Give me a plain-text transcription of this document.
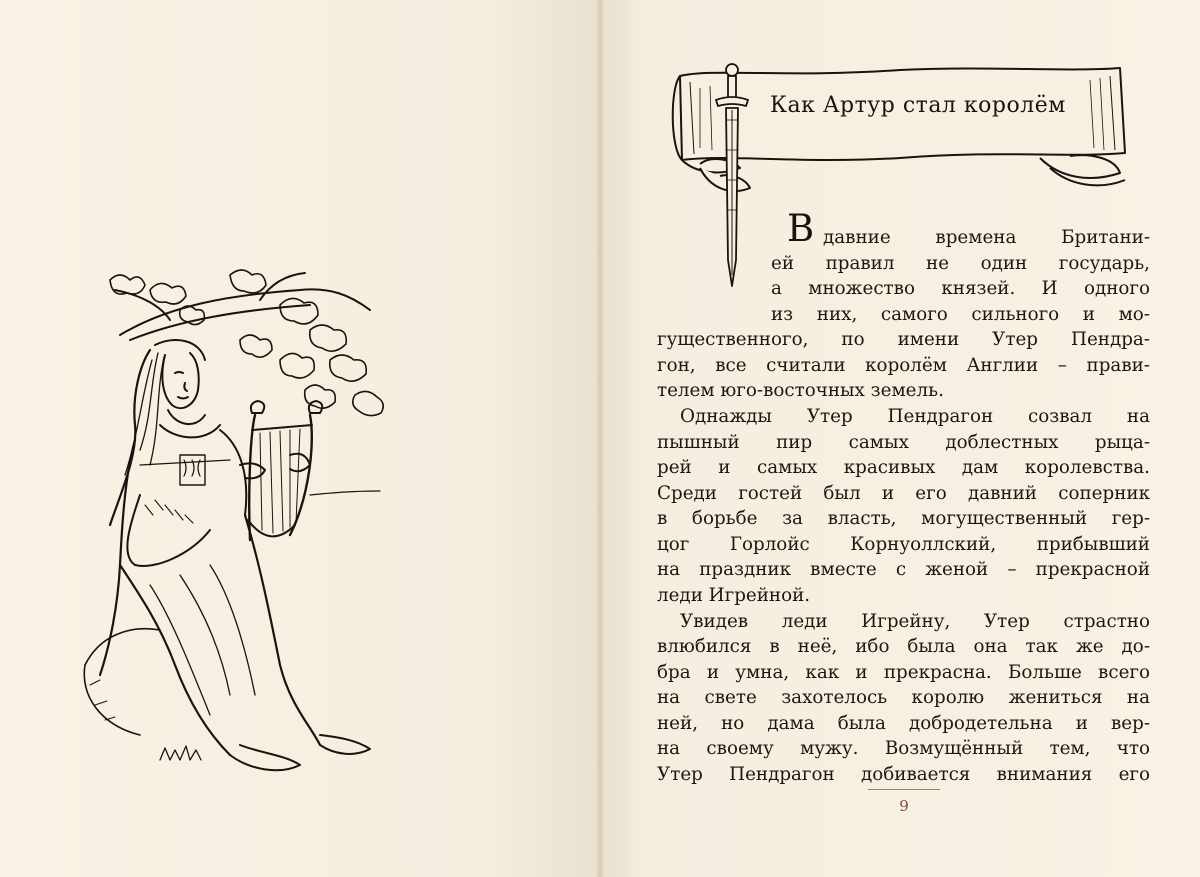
Как Артур стал королём
В давние времена Британи-
ей правил не один государь,
а множество князей. И одного
из них, самого сильного и мо-
гущественного, по имени Утер Пендра-
гон, все считали королём Англии – прави-
телем юго-восточных земель.
Однажды Утер Пендрагон созвал на
пышный пир самых доблестных рыца-
рей и самых красивых дам королевства.
Среди гостей был и его давний соперник
в борьбе за власть, могущественный гер-
цог Горлойс Корнуоллский, прибывший
на праздник вместе с женой – прекрасной
леди Игрейной.
Увидев леди Игрейну, Утер страстно
влюбился в неё, ибо была она так же до-
бра и умна, как и прекрасна. Больше всего
на свете захотелось королю жениться на
ней, но дама была добродетельна и вер-
на своему мужу. Возмущённый тем, что
Утер Пендрагон добивается внимания его
9
